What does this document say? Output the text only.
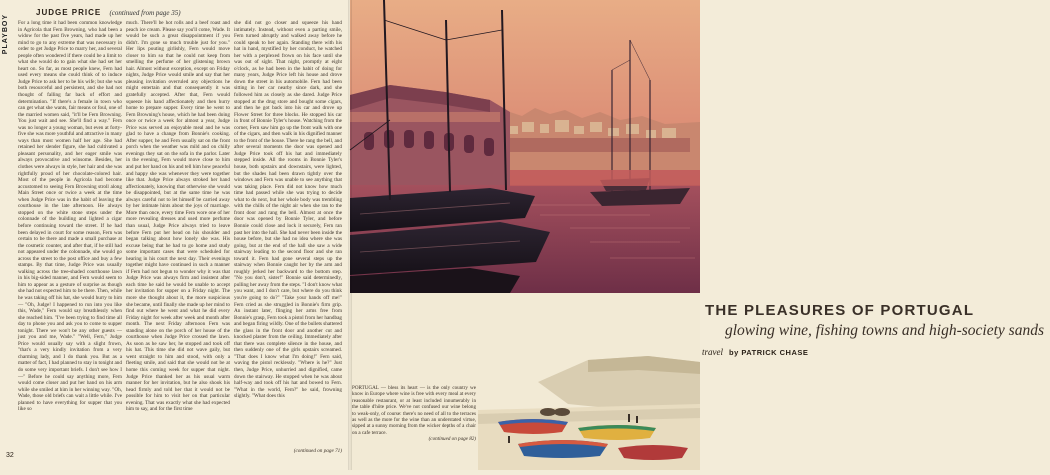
PLAYBOY
JUDGE PRICE (continued from page 35)
For a long time it had been common knowledge in Agricola that Fern Browning, who had been a widow for the past five years, had made up her mind to go to any extreme that was necessary in order to get Judge Price to marry her, and several people often wondered if there could be a limit to what she would do to gain what she had set her heart on. So far, as most people knew, Fern had used every means she could think of to induce Judge Price to ask her to be his wife; but she was both resourceful and persistent, and she had not thought of falling far back of effort and determination. "If there's a female in town who can get what she wants, fair means or foul, one of the married women said, "it'll be Fern Browning. You just wait and see. She'll find a way." Fern was no longer a young woman, but even at forty-five she was more youthful and attractive in many ways than most women half her age. She had retained her slender figure, she had cultivated a pleasant personality, and her eager smile was always provocative and winsome. Besides, her clothes were always in style, her hair and she was rightfully proud of her chocolate-colored hair. Most of the people in Agricola had become accustomed to seeing Fern Browning stroll along Main Street once or twice a week at the time when Judge Price was in the habit of leaving the courthouse in the late afternoon. He always stopped on the white stone steps under the colonnade of the building and lighted a cigar before continuing toward the street. If he had been delayed in court for some reason, Fern was certain to be there and made a small purchase at the cosmetic counter, and after that, if he still had not appeared under the colonnade, she would go across the street to the post office and buy a few stamps. By that time, Judge Price was usually walking across the tree-shaded courthouse lawn in his big-sided manner, and Fern would seem to him to appear as a gesture of surprise as though she had not expected him to be there. Then, while he was taking off his hat, she would hurry to him — "Oh, Judge! I happened to run into you like this, Wade," Fern would say breathlessly when she reached him. "I've been trying to find time all day to phone you and ask you to come to supper tonight. There we won't be any other guests — just you and me, Wade." "Well, Fern," Judge Price would usually say with a slight frown, "that's a very kindly invitation from a very charming lady, and I do thank you. But as a matter of fact, I had planned to stay in tonight and do some very important briefs. I don't see how I —" Before he could say anything more, Fern would come closer and put her hand on his arm while she smiled at him in her winning way. "Oh, Wade, those old briefs can wait a little while. I've planned to have everything for supper that you like so
much. There'll be hot rolls and a beef roast and peach ice cream. Please say you'll come, Wade. It would be such a great disappointment if you didn't. I'm gone so much trouble just for you." Her lips pouting girlishly, Fern would move closer to him so that he could not keep from smelling the perfume of her glistening brown hair. Almost without exception, except on Friday nights, Judge Price would smile and say that her pleasing invitation overruled any objections he might entertain and that consequently it was gratefully accepted. After that, Fern would squeeze his hand affectionately and then hurry home to prepare supper. Every time he went to Fern Browning's house, which he had been doing once or twice a week for almost a year, Judge Price was served an enjoyable meal and he was glad to have a change from Bonnie's cooking. After supper, he and Fern usually sat on the front porch when the weather was mild and on chilly evenings they sat on the sofa in the parlor. Later in the evening, Fern would move close to him and put her hand on his and tell him how peaceful and happy she was whenever they were together like that. Judge Price always stroked her hand affectionately, knowing that otherwise she would be disappointed, but at the same time he was always careful not to let himself be carried away by her intimate hints about the joys of marriage. More than once, every time Fern wore one of her more revealing dresses and used more perfume than usual, Judge Price always tried to leave before Fern put her head on his shoulder and began talking about how lonely she was. His excuse being that he had to go home and study some important cases that were scheduled for hearing in his court the next day. Their evenings together might have continued in such a manner if Fern had not begun to wonder why it was that Judge Price was always firm and insistent after each time he said he would be unable to accept her invitation for supper on a Friday night. The more she thought about it, the more suspicious she became, until finally she made up her mind to find out where he went and what he did every Friday night for week after week and month after month. The next Friday afternoon Fern was standing alone on the porch of her house of the courthouse when Judge Price crossed the lawn. As soon as he saw her, he stopped and took off his hat. This time she did not wave gaily, but went straight to him and stood, with only a fleeting smile, and said that she would not be at home this coming week for supper that night. Judge Price thanked her as his usual warm manner for her invitation, but he also shook his head firmly and told her that it would not be possible for him to visit her on that particular evening. That was exactly what she had expected him to say, and for the first time
she did not go closer and squeeze his hand intimately. Instead, without even a parting smile, Fern turned abruptly and walked away before he could speak to her again. Standing there with his hat in hand, mystified by her conduct, he watched her with a perplexed frown on his face until she was out of sight. That night, promptly at eight o'clock, as he had been in the habit of doing for many years, Judge Price left his house and drove down the street in his automobile. Fern had been sitting in her car nearby since dark, and she followed him as closely as she dared. Judge Price stopped at the drug store and bought some cigars, and then he got back into his car and drove up Flower Street for three blocks. He stopped his car in front of Bonnie Tyler's house. Watching from the corner, Fern saw him go up the front walk with one of the cigars, and then walk in his dignified manner to the front of the house. There he rang the bell, and after several moments the door was opened and Judge Price took off his hat and immediately stepped inside. All the rooms in Bonnie Tyler's house, both upstairs and downstairs, were lighted, but the shades had been drawn tightly over the windows and Fern was unable to see anything that was taking place. Fern did not know how much time had passed while she was trying to decide what to do next, but her whole body was trembling with the chills of the night air when she ran to the front door and rang the bell. Almost at once the door was opened by Bonnie Tyler, and before Bonnie could close and lock it securely, Fern ran past her into the hall. She had never been inside the house before, but she had no idea where she was going, but at the end of the hall she saw a wide stairway leading to the second floor and she ran toward it. Fern had gone several steps up the stairway when Bonnie caught her by the arm and roughly jerked her backward to the bottom step. "No you don't, sister!" Bonnie said determinedly, pulling her away from the steps. "I don't know what you want, and I don't care, but where do you think you're going to do?" "Take your hands off me!" Fern cried as she struggled in Bonnie's firm grip. An instant later, flinging her arms free from Bonnie's grasp, Fern took a pistol from her handbag and began firing wildly. One of the bullets shattered the glass in the front door and another cut and knocked plaster from the ceiling. Immediately after that there was complete silence in the house, and then suddenly one of the girls upstairs screamed. "That does I know what I'm doing!" Fern said, waving the pistol recklessly. "Where is he?" Just then, Judge Price, unhurried and dignified, came down the stairway. He stopped when he was about half-way and took off his hat and bowed to Fern. "What in the world, Fern?" he said, frowning slightly. "What does this
(continued on page 71)
32
THE PLEASURES OF PORTUGAL
glowing wine, fishing towns and high-society sands
travel by PATRICK CHASE
PORTUGAL — bless its heart — is the only country we know in Europe where wine is free with every meal at every reasonable restaurant, or at least included innumerably in the table d'hôte price. We've not confused our wine belong to weak-only, of course: there's no need of all to the terraces as well as the more for the wine than an understated virtue, sipped at a sunny morning from the wicker depths of a chair on a cafe terrace.
(continued on page 82)
